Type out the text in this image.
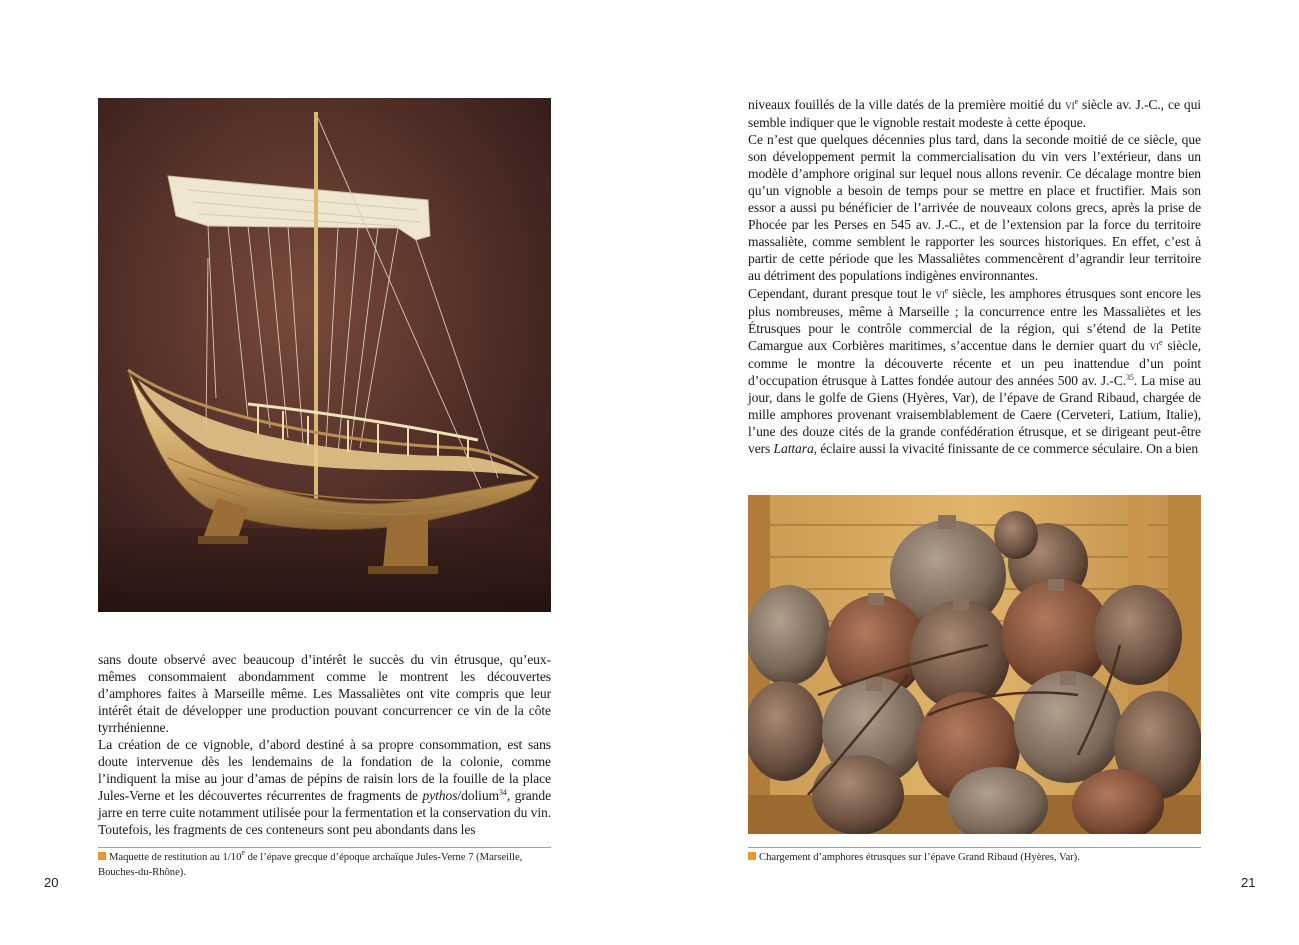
sans doute observé avec beaucoup d’intérêt le succès du vin étrusque, qu’eux-mêmes consommaient abondamment comme le montrent les découvertes d’amphores faites à Marseille même. Les Massaliètes ont vite compris que leur intérêt était de développer une production pouvant concurrencer ce vin de la côte tyrrhénienne.

La création de ce vignoble, d’abord destiné à sa propre consommation, est sans doute intervenue dès les lendemains de la fondation de la colonie, comme l’indiquent la mise au jour d’amas de pépins de raisin lors de la fouille de la place Jules-Verne et les découvertes récurrentes de fragments de pythos/dolium$^{34}$, grande jarre en terre cuite notamment utilisée pour la fermentation et la conservation du vin. Toutefois, les fragments de ces conteneurs sont peu abondants dans les

Maquette de restitution au 1/10e de l’épave grecque d’époque archaïque Jules-Verne 7 (Marseille, Bouches-du-Rhône).
20

niveaux fouillés de la ville datés de la première moitié du $vi^e$ siècle av. J.-C., ce qui semble indiquer que le vignoble restait modeste à cette époque.

Ce n’est que quelques décennies plus tard, dans la seconde moitié de ce siècle, que son développement permit la commercialisation du vin vers l’extérieur, dans un modèle d’amphore original sur lequel nous allons revenir. Ce décalage montre bien qu’un vignoble a besoin de temps pour se mettre en place et fructifier. Mais son essor a aussi pu bénéficier de l’arrivée de nouveaux colons grecs, après la prise de Phocée par les Perses en 545 av. J.-C., et de l’extension par la force du territoire massaliète, comme semblent le rapporter les sources historiques. En effet, c’est à partir de cette période que les Massaliètes commencèrent d’agrandir leur territoire au détriment des populations indigènes environnantes.

Cependant, durant presque tout le $vi^e$ siècle, les amphores étrusques sont encore les plus nombreuses, même à Marseille ; la concurrence entre les Massaliètes et les Étrusques pour le contrôle commercial de la région, qui s’étend de la Petite Camargue aux Corbières maritimes, s’accentue dans le dernier quart du $vi^e$ siècle, comme le montre la découverte récente et un peu inattendue d’un point d’occupation étrusque à Lattes fondée autour des années 500 av. J.-C.$^{35}$. La mise au jour, dans le golfe de Giens (Hyères, Var), de l’épave de Grand Ribaud, chargée de mille amphores provenant vraisemblablement de Caere (Cerveteri, Latium, Italie), l’une des douze cités de la grande confédération étrusque, et se dirigeant peut-être vers Lattara, éclaire aussi la vivacité finissante de ce commerce séculaire. On a bien

Chargement d’amphores étrusques sur l’épave Grand Ribaud (Hyères, Var).
21
